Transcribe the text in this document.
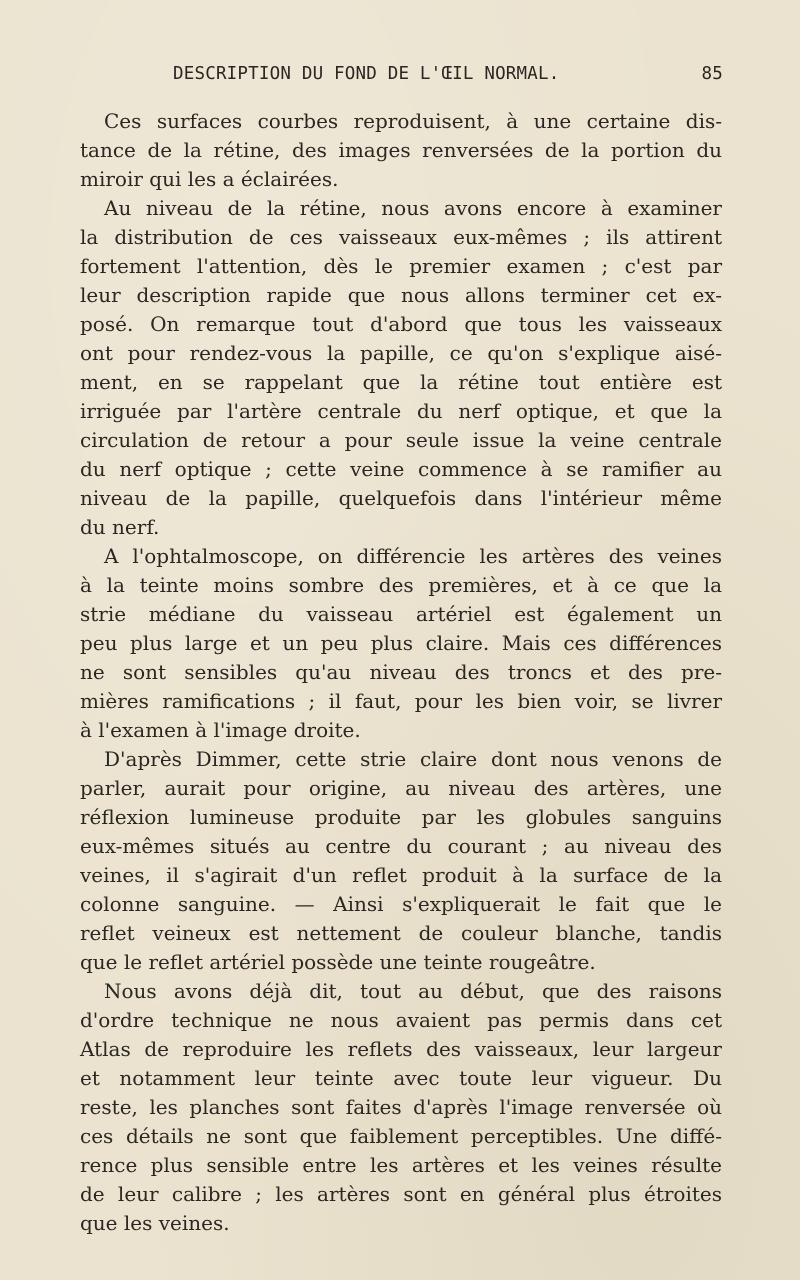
DESCRIPTION DU FOND DE L'ŒIL NORMAL.	85
Ces surfaces courbes reproduisent, à une certaine dis-
tance de la rétine, des images renversées de la portion du
miroir qui les a éclairées.
Au niveau de la rétine, nous avons encore à examiner
la distribution de ces vaisseaux eux-mêmes ; ils attirent
fortement l'attention, dès le premier examen ; c'est par
leur description rapide que nous allons terminer cet ex-
posé. On remarque tout d'abord que tous les vaisseaux
ont pour rendez-vous la papille, ce qu'on s'explique aisé-
ment, en se rappelant que la rétine tout entière est
irriguée par l'artère centrale du nerf optique, et que la
circulation de retour a pour seule issue la veine centrale
du nerf optique ; cette veine commence à se ramifier au
niveau de la papille, quelquefois dans l'intérieur même
du nerf.
A l'ophtalmoscope, on différencie les artères des veines
à la teinte moins sombre des premières, et à ce que la
strie médiane du vaisseau artériel est également un
peu plus large et un peu plus claire. Mais ces différences
ne sont sensibles qu'au niveau des troncs et des pre-
mières ramifications ; il faut, pour les bien voir, se livrer
à l'examen à l'image droite.
D'après Dimmer, cette strie claire dont nous venons de
parler, aurait pour origine, au niveau des artères, une
réflexion lumineuse produite par les globules sanguins
eux-mêmes situés au centre du courant ; au niveau des
veines, il s'agirait d'un reflet produit à la surface de la
colonne sanguine. — Ainsi s'expliquerait le fait que le
reflet veineux est nettement de couleur blanche, tandis
que le reflet artériel possède une teinte rougeâtre.
Nous avons déjà dit, tout au début, que des raisons
d'ordre technique ne nous avaient pas permis dans cet
Atlas de reproduire les reflets des vaisseaux, leur largeur
et notamment leur teinte avec toute leur vigueur. Du
reste, les planches sont faites d'après l'image renversée où
ces détails ne sont que faiblement perceptibles. Une diffé-
rence plus sensible entre les artères et les veines résulte
de leur calibre ; les artères sont en général plus étroites
que les veines.
